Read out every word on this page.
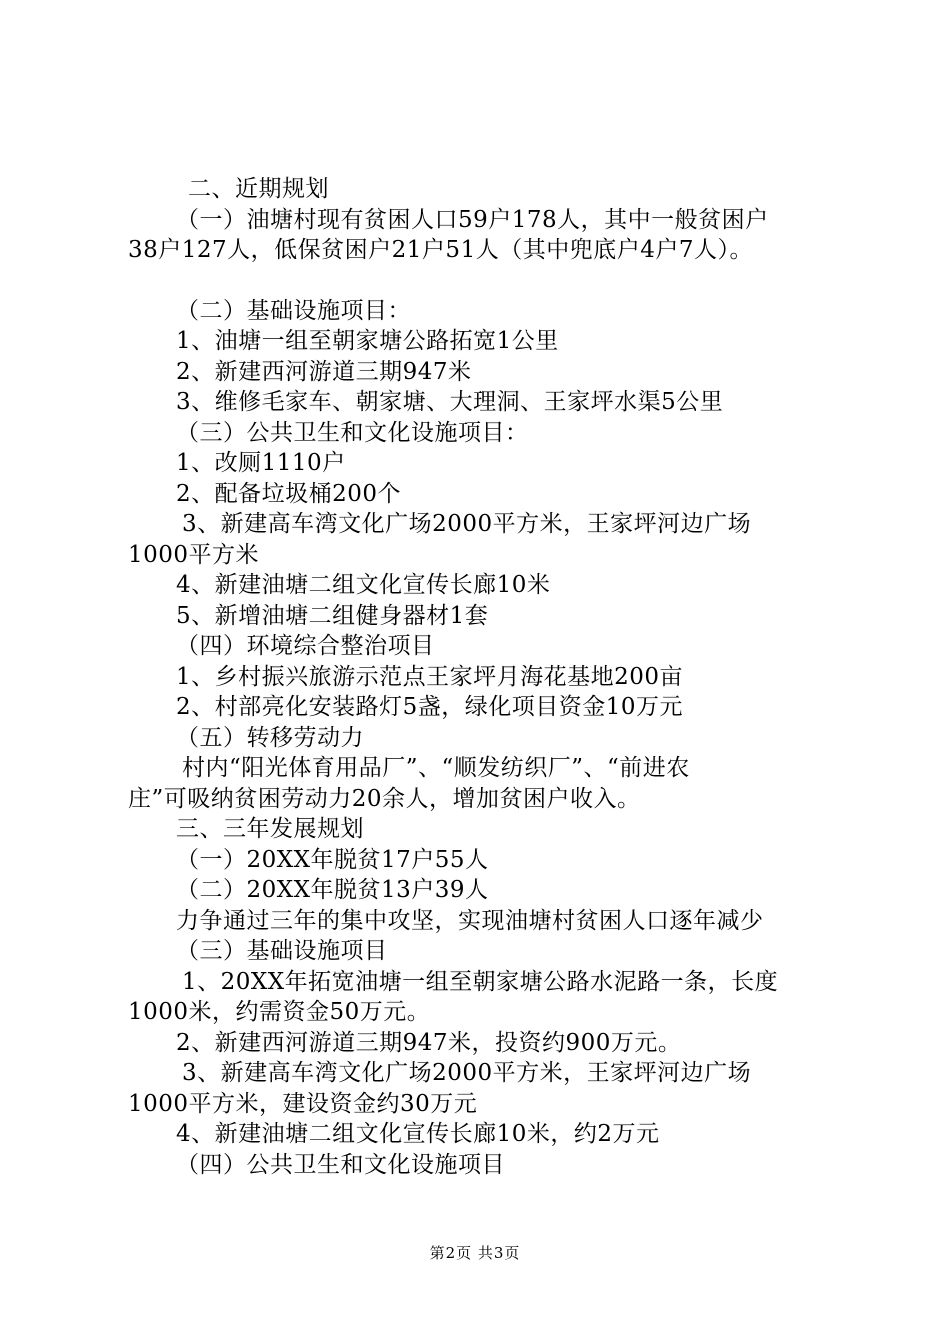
二、近期规划
（一）油塘村现有贫困人口59户178人，其中一般贫困户
38户127人，低保贫困户21户51人（其中兜底户4户7人）。
（二）基础设施项目：
1、油塘一组至朝家塘公路拓宽1公里
2、新建西河游道三期947米
3、维修毛家车、朝家塘、大理洞、王家坪水渠5公里
（三）公共卫生和文化设施项目：
1、改厕1110户
2、配备垃圾桶200个
3、新建高车湾文化广场2000平方米，王家坪河边广场
1000平方米
4、新建油塘二组文化宣传长廊10米
5、新增油塘二组健身器材1套
（四）环境综合整治项目
1、乡村振兴旅游示范点王家坪月海花基地200亩
2、村部亮化安装路灯5盏，绿化项目资金10万元
（五）转移劳动力
村内“阳光体育用品厂”、“顺发纺织厂”、“前进农
庄”可吸纳贫困劳动力20余人，增加贫困户收入。
三、三年发展规划
（一）20XX年脱贫17户55人
（二）20XX年脱贫13户39人
力争通过三年的集中攻坚，实现油塘村贫困人口逐年减少
（三）基础设施项目
1、20XX年拓宽油塘一组至朝家塘公路水泥路一条，长度
1000米，约需资金50万元。
2、新建西河游道三期947米，投资约900万元。
3、新建高车湾文化广场2000平方米，王家坪河边广场
1000平方米，建设资金约30万元
4、新建油塘二组文化宣传长廊10米，约2万元
（四）公共卫生和文化设施项目
第2页 共3页
